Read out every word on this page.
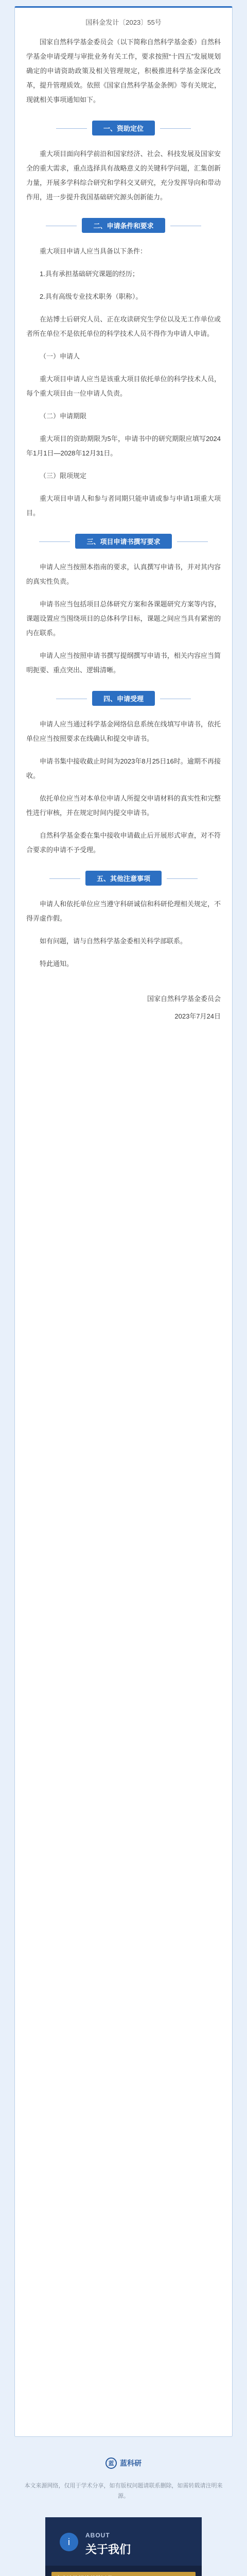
国科金发计〔2023〕55号

国家自然科学基金委员会（以下简称自然科学基金委）自然科学基金申请受理与审批业务有关工作，要求按照“十四五”发展规划确定的申请资助政策及相关管理规定，积极推进科学基金深化改革，提升管理质效。依照《国家自然科学基金条例》等有关规定，现就相关事项通知如下。

一、资助定位

重大项目面向科学前沿和国家经济、社会、科技发展及国家安全的重大需求，重点选择具有战略意义的关键科学问题，汇集创新力量，开展多学科综合研究和学科交叉研究，充分发挥导向和带动作用，进一步提升我国基础研究源头创新能力。

二、申请条件和要求

重大项目申请人应当具备以下条件：

1.具有承担基础研究课题的经历；

2.具有高级专业技术职务（职称）。

在站博士后研究人员、正在攻读研究生学位以及无工作单位或者所在单位不是依托单位的科学技术人员不得作为申请人申请。

（一）申请人

重大项目申请人应当是该重大项目依托单位的科学技术人员，每个重大项目由一位申请人负责。

（二）申请期限

重大项目的资助期限为5年，申请书中的研究期限应填写2024年1月1日—2028年12月31日。

（三）限项规定

重大项目申请人和参与者同期只能申请或参与申请1项重大项目。

三、项目申请书撰写要求

申请人应当按照本指南的要求，认真撰写申请书，并对其内容的真实性负责。

申请书应当包括项目总体研究方案和各课题研究方案等内容，课题设置应当围绕项目的总体科学目标，课题之间应当具有紧密的内在联系。

申请人应当按照申请书撰写提纲撰写申请书，相关内容应当简明扼要、重点突出、逻辑清晰。

四、申请受理

申请人应当通过科学基金网络信息系统在线填写申请书，依托单位应当按照要求在线确认和提交申请书。

申请书集中接收截止时间为2023年8月25日16时。逾期不再接收。

依托单位应当对本单位申请人所提交申请材料的真实性和完整性进行审核，并在规定时间内提交申请书。

自然科学基金委在集中接收申请截止后开展形式审查，对不符合要求的申请不予受理。

五、其他注意事项

申请人和依托单位应当遵守科研诚信和科研伦理相关规定，不得弄虚作假。

如有问题，请与自然科学基金委相关科学部联系。

特此通知。

国家自然科学基金委员会
2023年7月24日
蓝 蓝科研
本文来源网络，仅用于学术分享，如有版权问题请联系删除，如需转载请注明来源。
i
ABOUT
关于我们
